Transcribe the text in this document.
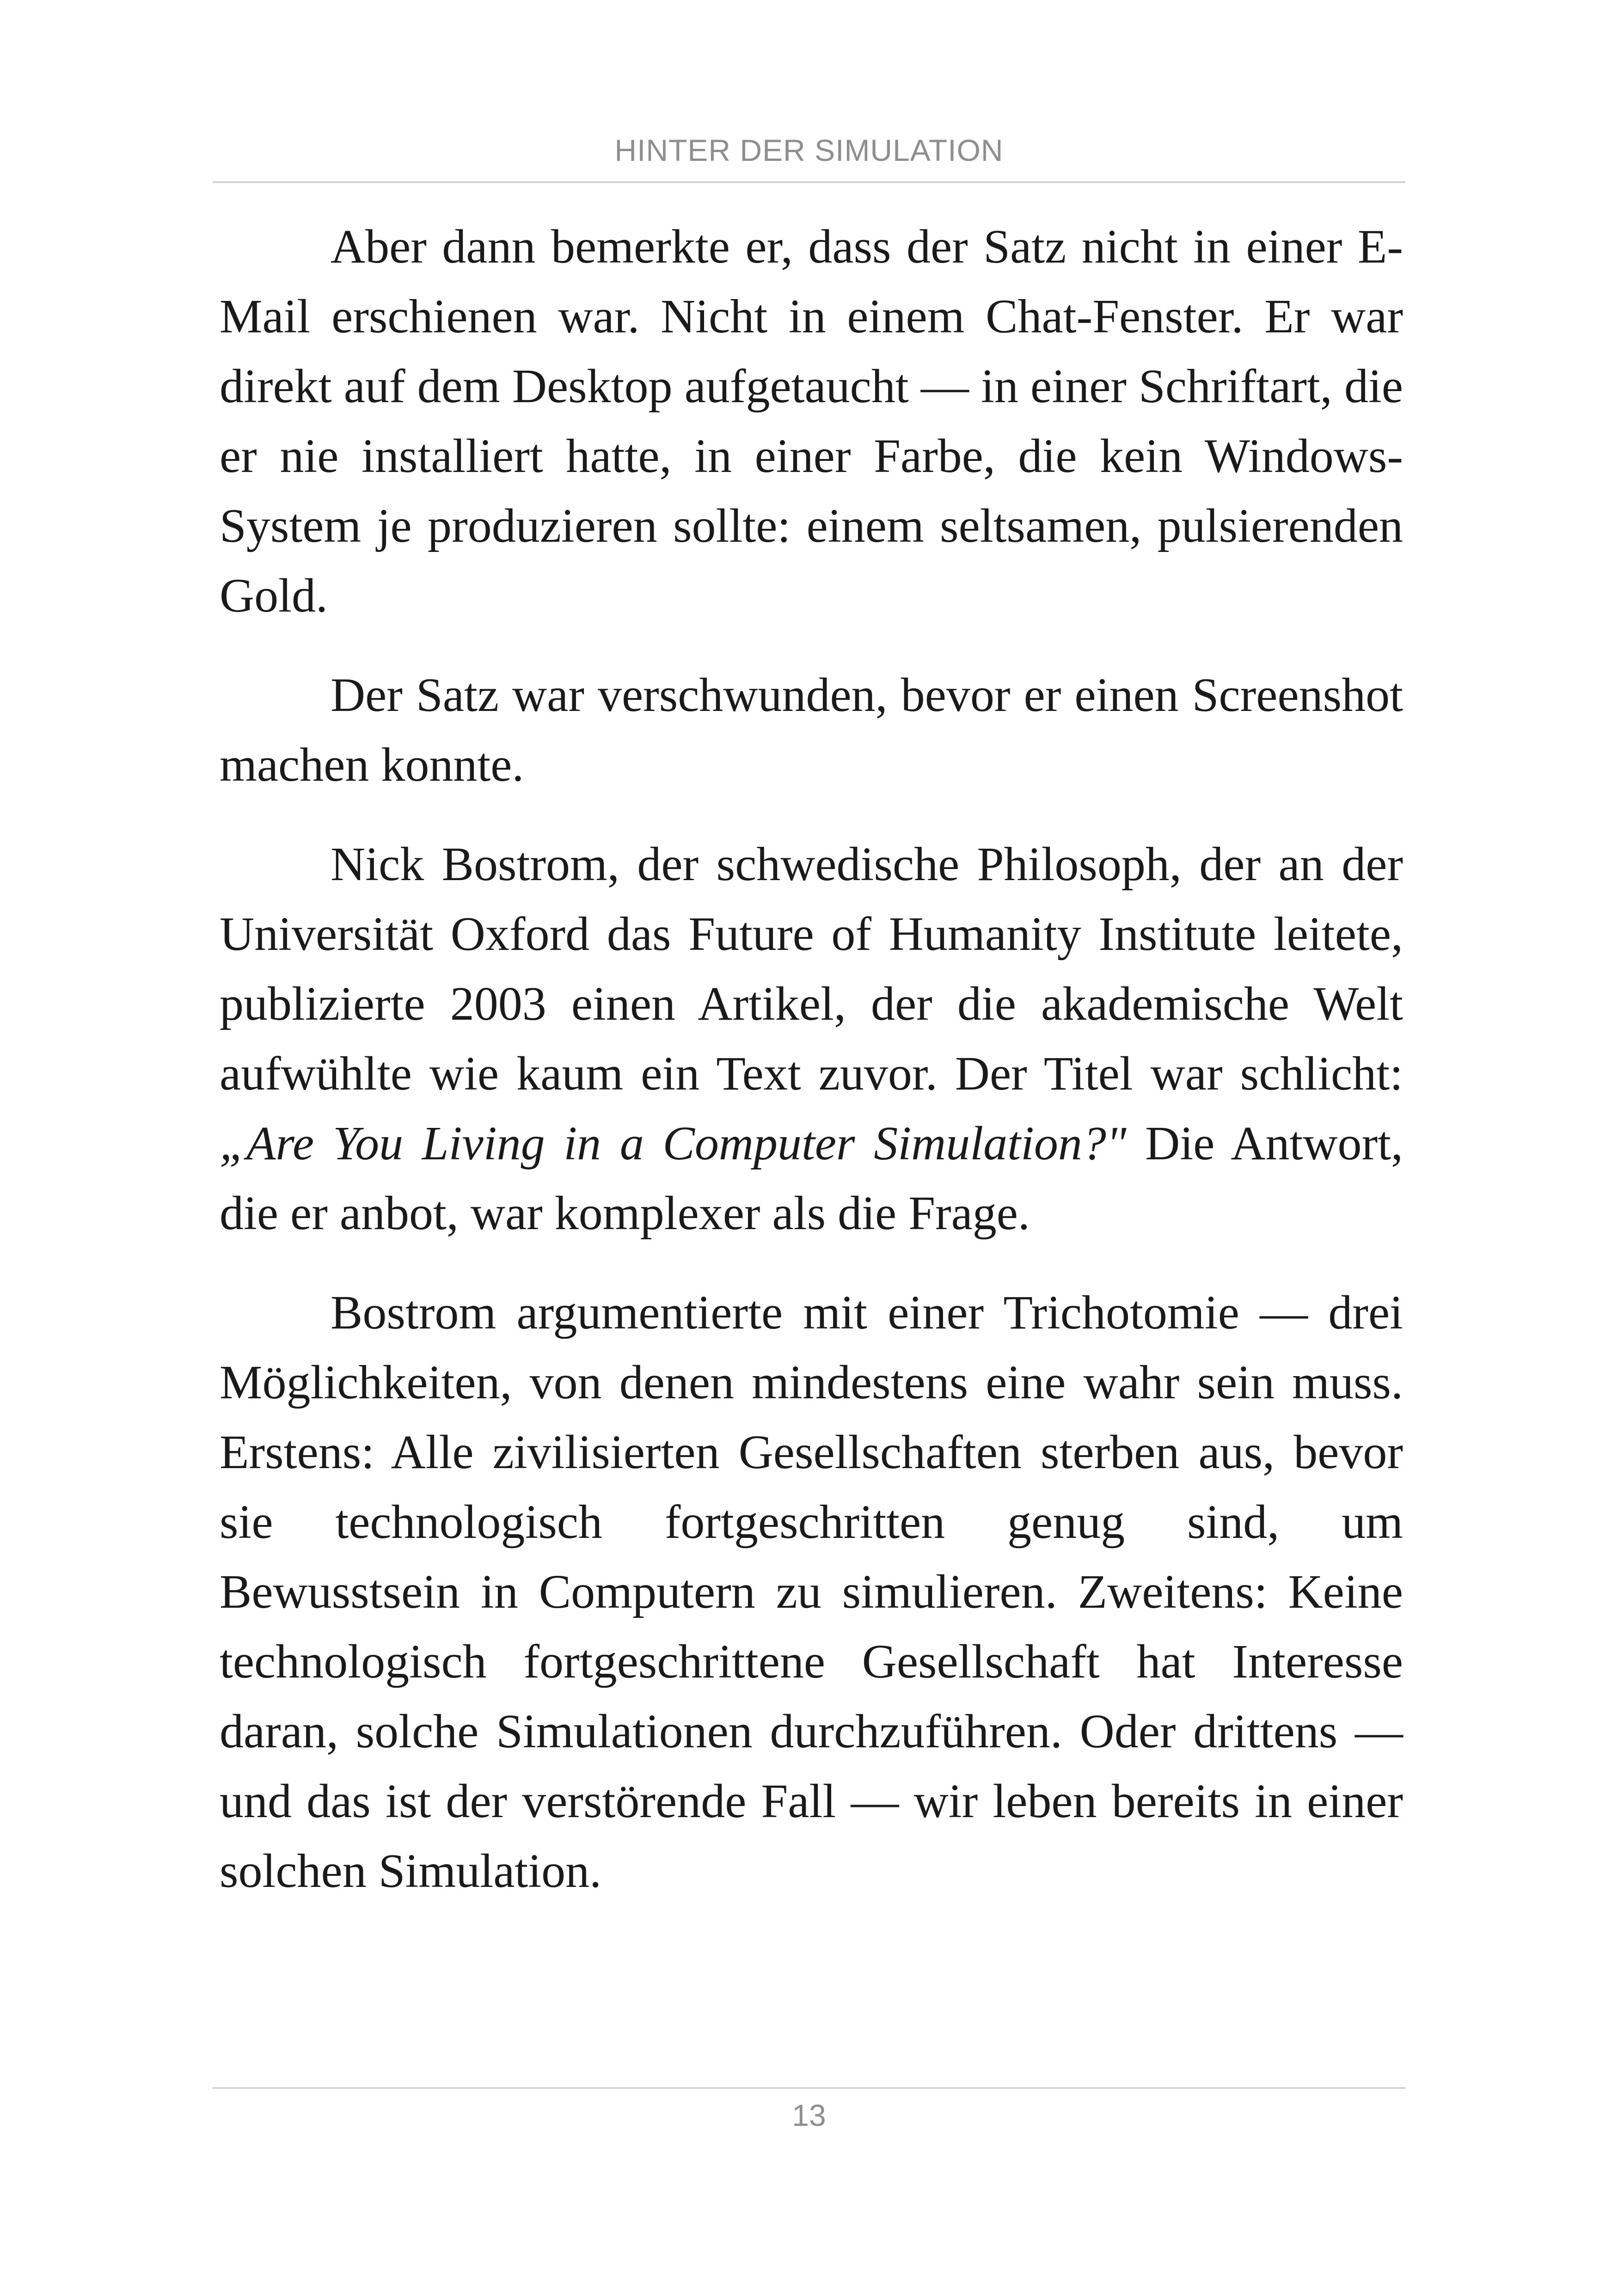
HINTER DER SIMULATION

Aber dann bemerkte er, dass der Satz nicht in einer E-Mail erschienen war. Nicht in einem Chat-Fenster. Er war direkt auf dem Desktop aufgetaucht — in einer Schriftart, die er nie installiert hatte, in einer Farbe, die kein Windows-System je produzieren sollte: einem seltsamen, pulsierenden Gold.

Der Satz war verschwunden, bevor er einen Screenshot machen konnte.

Nick Bostrom, der schwedische Philosoph, der an der Universität Oxford das Future of Humanity Institute leitete, publizierte 2003 einen Artikel, der die akademische Welt aufwühlte wie kaum ein Text zuvor. Der Titel war schlicht: „Are You Living in a Computer Simulation?" Die Antwort, die er anbot, war komplexer als die Frage.

Bostrom argumentierte mit einer Trichotomie — drei Möglichkeiten, von denen mindestens eine wahr sein muss. Erstens: Alle zivilisierten Gesellschaften sterben aus, bevor sie technologisch fortgeschritten genug sind, um Bewusstsein in Computern zu simulieren. Zweitens: Keine technologisch fortgeschrittene Gesellschaft hat Interesse daran, solche Simulationen durchzuführen. Oder drittens — und das ist der verstörende Fall — wir leben bereits in einer solchen Simulation.

13
